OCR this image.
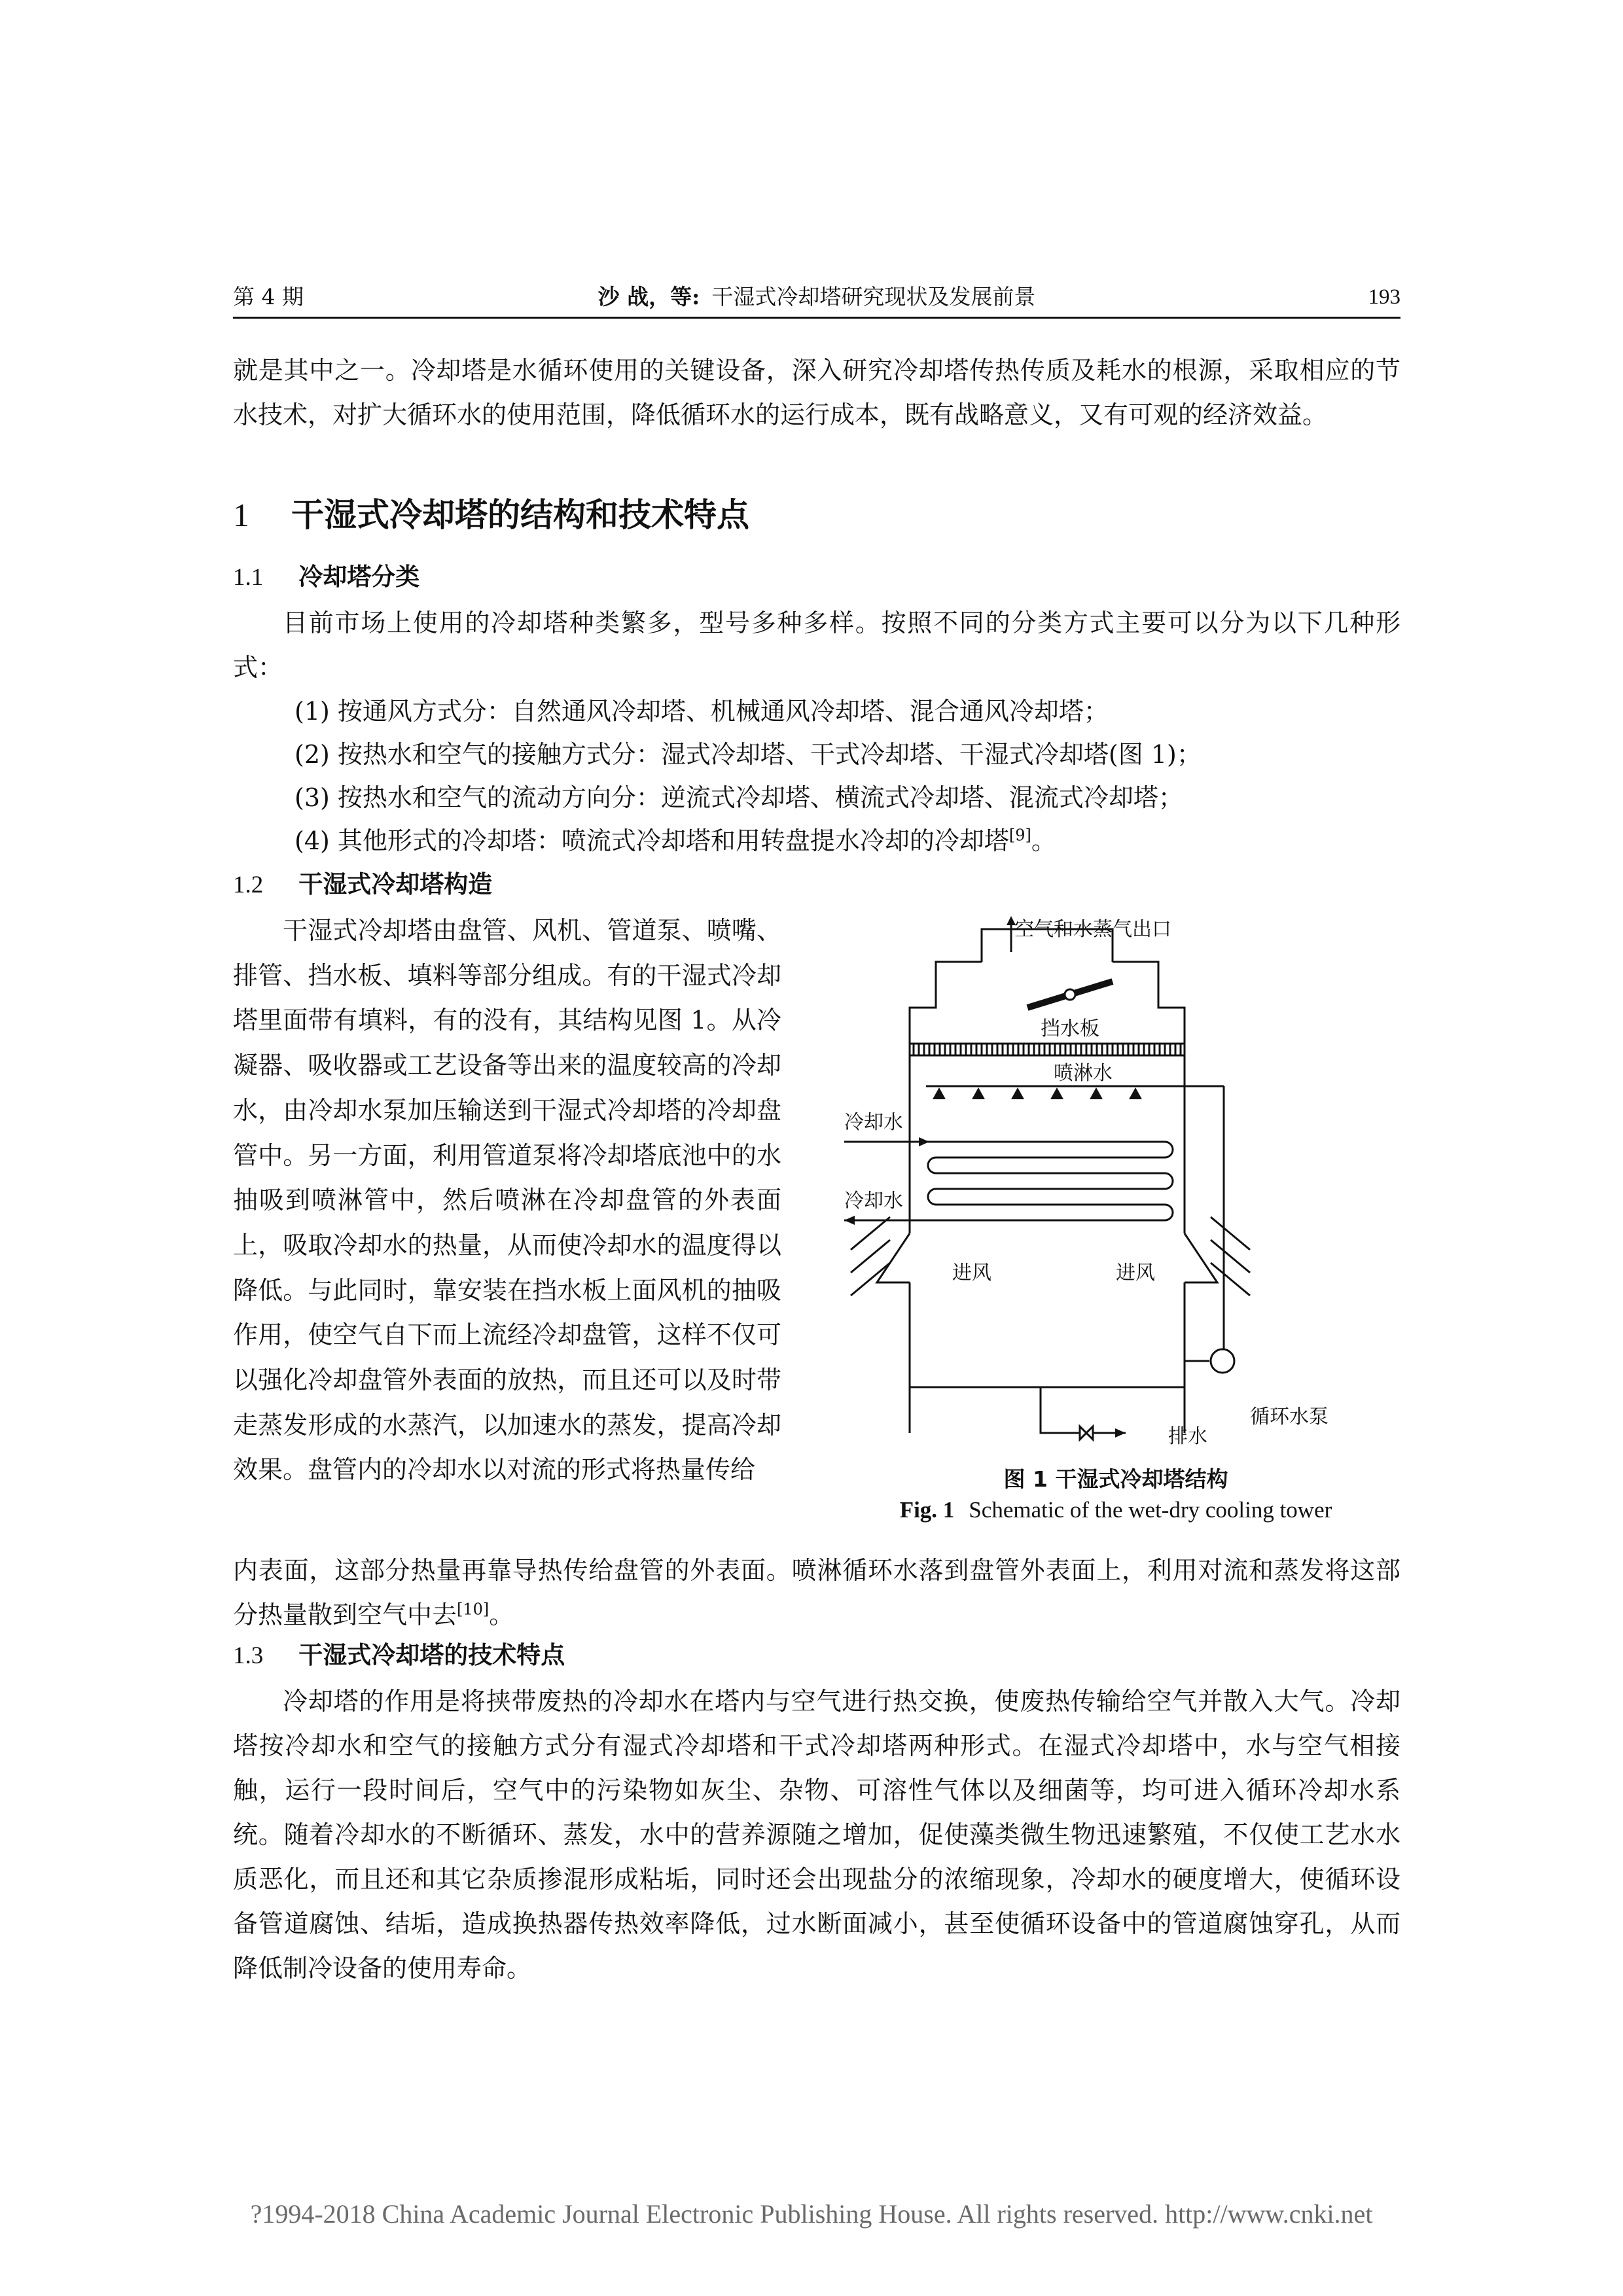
第 4 期	沙 战，等: 干湿式冷却塔研究现状及发展前景	193

就是其中之一。冷却塔是水循环使用的关键设备，深入研究冷却塔传热传质及耗水的根源，采取相应的节水技术，对扩大循环水的使用范围，降低循环水的运行成本，既有战略意义，又有可观的经济效益。

1 干湿式冷却塔的结构和技术特点
1.1 冷却塔分类

目前市场上使用的冷却塔种类繁多，型号多种多样。按照不同的分类方式主要可以分为以下几种形式：

(1) 按通风方式分：自然通风冷却塔、机械通风冷却塔、混合通风冷却塔；

(2) 按热水和空气的接触方式分：湿式冷却塔、干式冷却塔、干湿式冷却塔(图 1)；

(3) 按热水和空气的流动方向分：逆流式冷却塔、横流式冷却塔、混流式冷却塔；

(4) 其他形式的冷却塔：喷流式冷却塔和用转盘提水冷却的冷却塔[9]。

1.2 干湿式冷却塔构造

干湿式冷却塔由盘管、风机、管道泵、喷嘴、排管、挡水板、填料等部分组成。有的干湿式冷却塔里面带有填料，有的没有，其结构见图 1。从冷凝器、吸收器或工艺设备等出来的温度较高的冷却水，由冷却水泵加压输送到干湿式冷却塔的冷却盘管中。另一方面，利用管道泵将冷却塔底池中的水抽吸到喷淋管中，然后喷淋在冷却盘管的外表面上，吸取冷却水的热量，从而使冷却水的温度得以降低。与此同时，靠安装在挡水板上面风机的抽吸作用，使空气自下而上流经冷却盘管，这样不仅可以强化冷却盘管外表面的放热，而且还可以及时带走蒸发形成的水蒸汽，以加速水的蒸发，提高冷却效果。盘管内的冷却水以对流的形式将热量传给

空气和水蒸气出口
挡水板
喷淋水
冷却水
冷却水
进风	进风
排水
循环水泵
图 1 干湿式冷却塔结构
Fig. 1 Schematic of the wet-dry cooling tower

内表面，这部分热量再靠导热传给盘管的外表面。喷淋循环水落到盘管外表面上，利用对流和蒸发将这部分热量散到空气中去[10]。

1.3 干湿式冷却塔的技术特点

冷却塔的作用是将挟带废热的冷却水在塔内与空气进行热交换，使废热传输给空气并散入大气。冷却塔按冷却水和空气的接触方式分有湿式冷却塔和干式冷却塔两种形式。在湿式冷却塔中，水与空气相接触，运行一段时间后，空气中的污染物如灰尘、杂物、可溶性气体以及细菌等，均可进入循环冷却水系统。随着冷却水的不断循环、蒸发，水中的营养源随之增加，促使藻类微生物迅速繁殖，不仅使工艺水水质恶化，而且还和其它杂质掺混形成粘垢，同时还会出现盐分的浓缩现象，冷却水的硬度增大，使循环设备管道腐蚀、结垢，造成换热器传热效率降低，过水断面减小，甚至使循环设备中的管道腐蚀穿孔，从而降低制冷设备的使用寿命。

?1994-2018 China Academic Journal Electronic Publishing House. All rights reserved. http://www.cnki.net
